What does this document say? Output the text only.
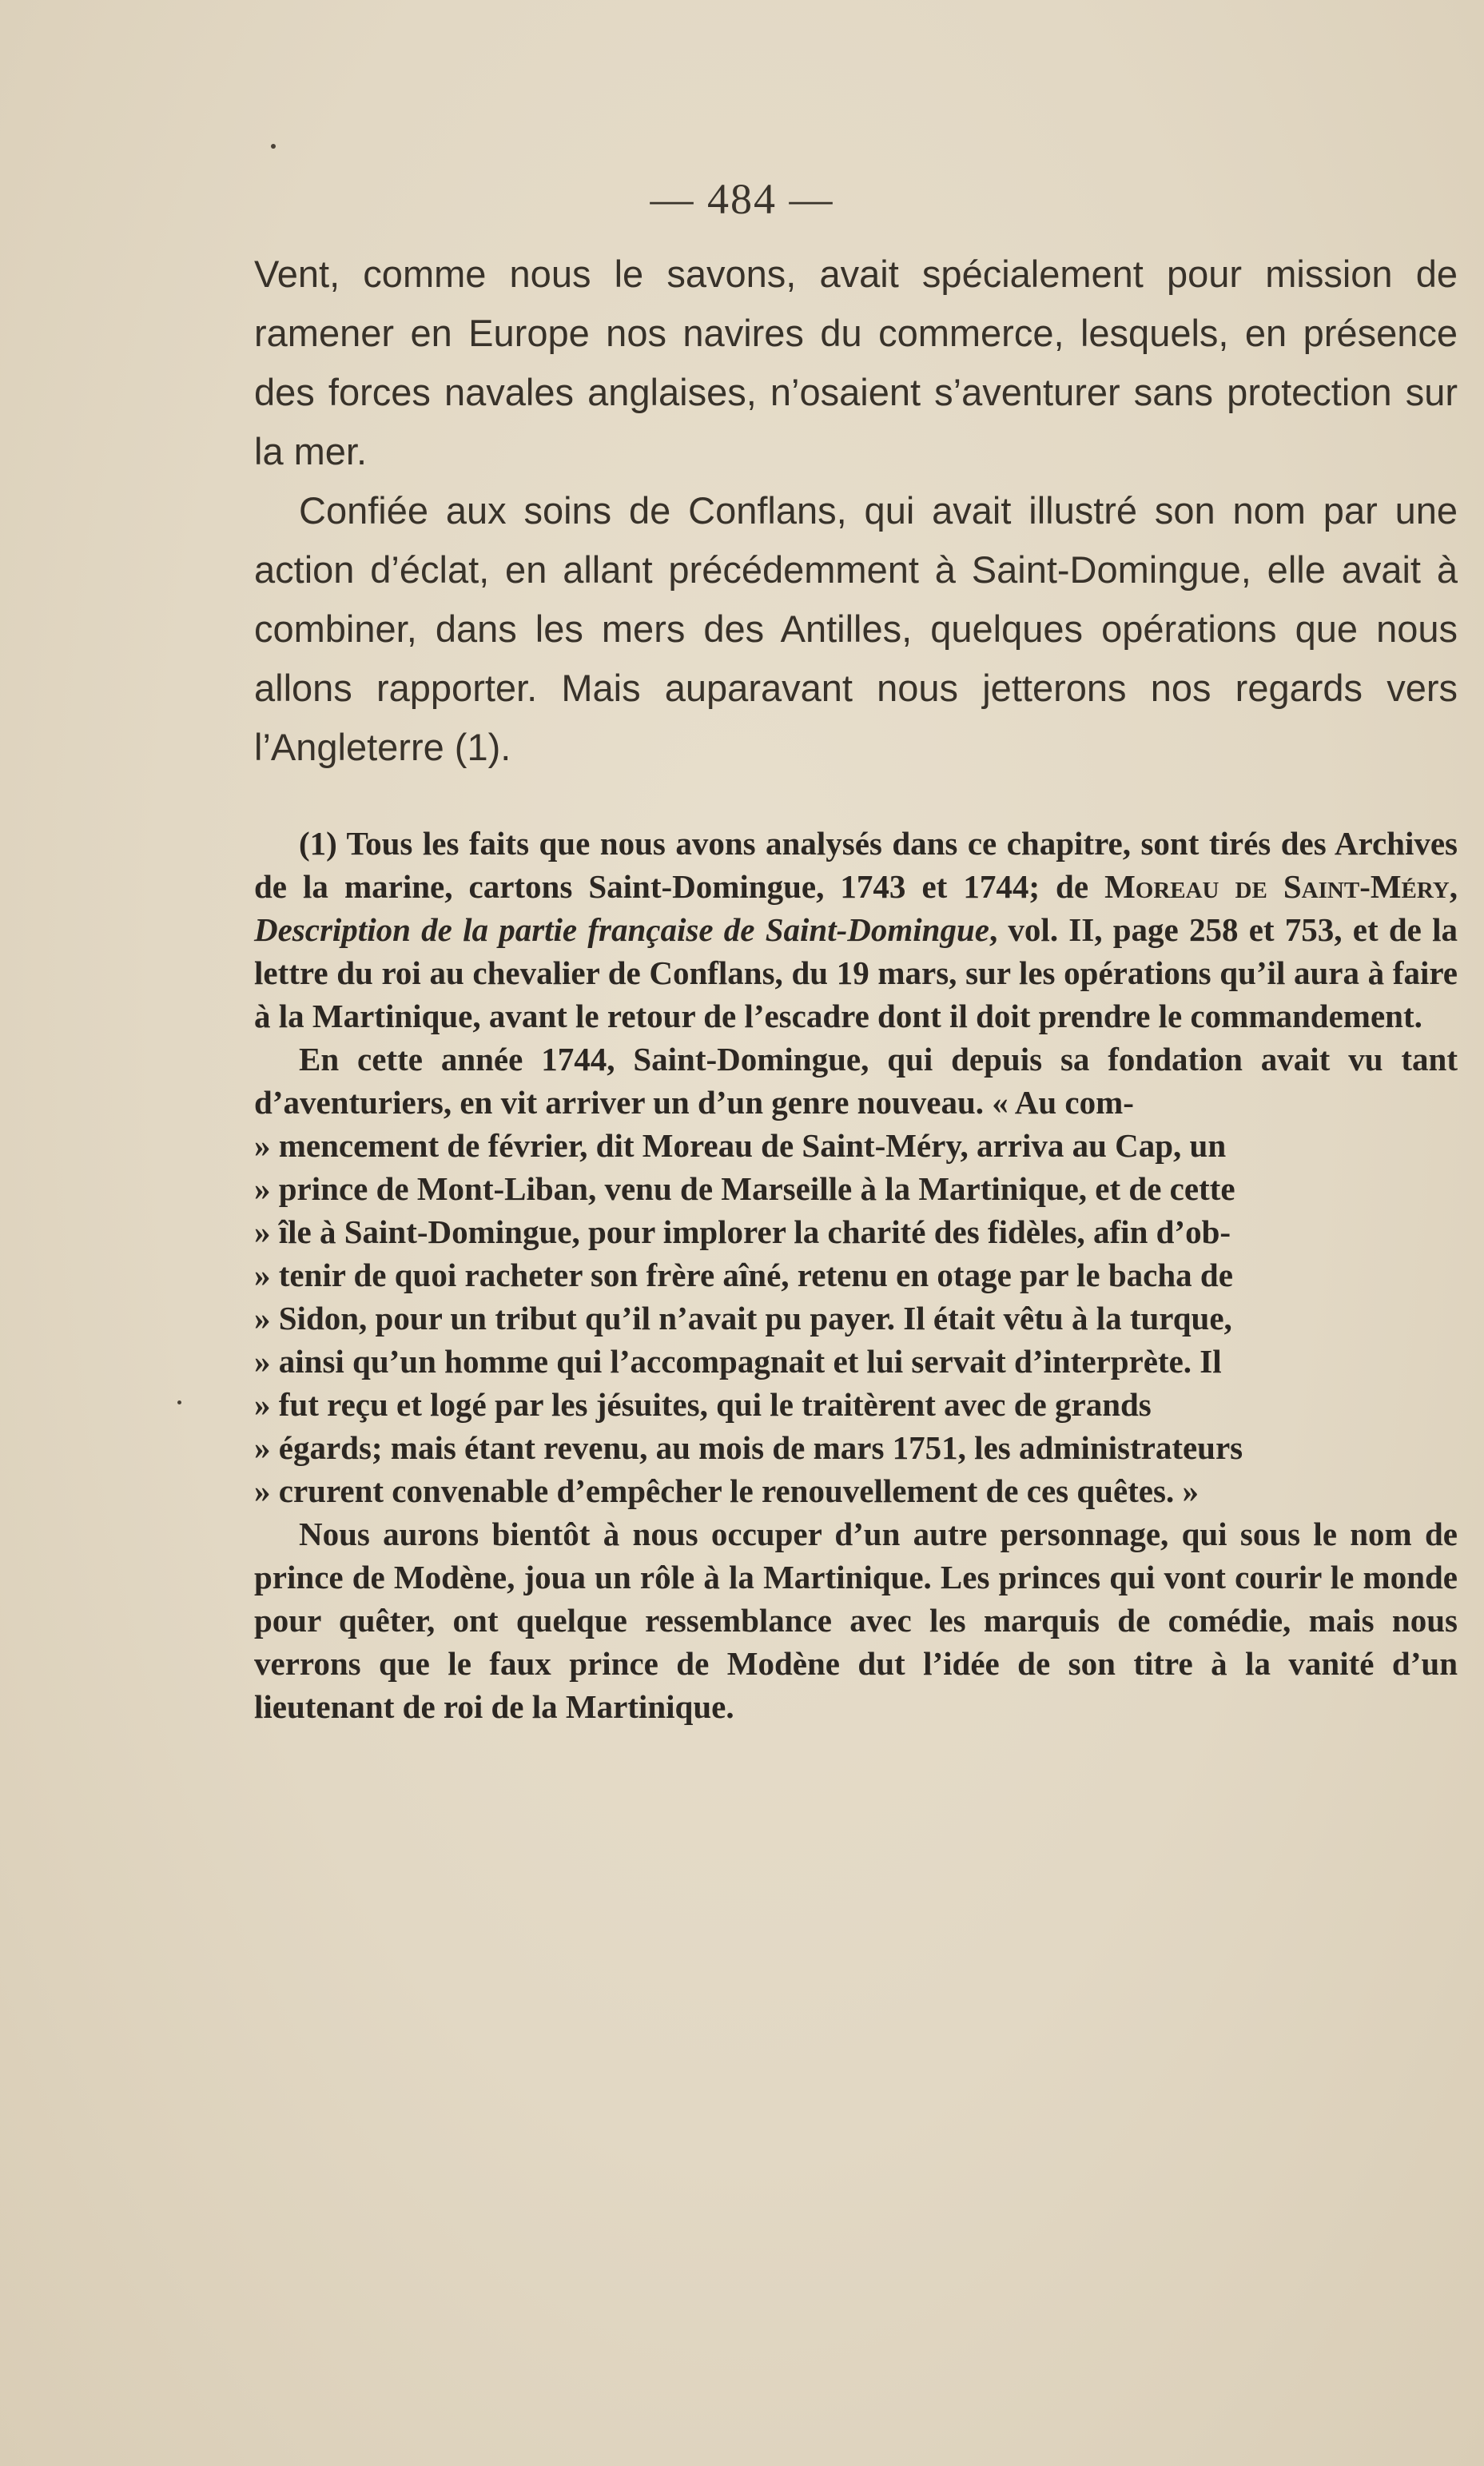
— 484 —

Vent, comme nous le savons, avait spécialement pour mission de ramener en Europe nos navires du commerce, lesquels, en présence des forces navales anglaises, n’osaient s’aventurer sans protection sur la mer.

Confiée aux soins de Conflans, qui avait illustré son nom par une action d’éclat, en allant précédemment à Saint-Domingue, elle avait à combiner, dans les mers des Antilles, quelques opérations que nous allons rapporter. Mais auparavant nous jetterons nos regards vers l’Angleterre (1).

(1) Tous les faits que nous avons analysés dans ce chapitre, sont tirés des Archives de la marine, cartons Saint-Domingue, 1743 et 1744; de Moreau de Saint-Méry, Description de la partie française de Saint-Domingue, vol. II, page 258 et 753, et de la lettre du roi au chevalier de Conflans, du 19 mars, sur les opérations qu’il aura à faire à la Martinique, avant le retour de l’escadre dont il doit prendre le commandement.

En cette année 1744, Saint-Domingue, qui depuis sa fondation avait vu tant d’aventuriers, en vit arriver un d’un genre nouveau. « Au com-

» mencement de février, dit Moreau de Saint-Méry, arriva au Cap, un
» prince de Mont-Liban, venu de Marseille à la Martinique, et de cette
» île à Saint-Domingue, pour implorer la charité des fidèles, afin d’ob-
» tenir de quoi racheter son frère aîné, retenu en otage par le bacha de
» Sidon, pour un tribut qu’il n’avait pu payer. Il était vêtu à la turque,
» ainsi qu’un homme qui l’accompagnait et lui servait d’interprète. Il
» fut reçu et logé par les jésuites, qui le traitèrent avec de grands
» égards; mais étant revenu, au mois de mars 1751, les administrateurs
» crurent convenable d’empêcher le renouvellement de ces quêtes. »

Nous aurons bientôt à nous occuper d’un autre personnage, qui sous le nom de prince de Modène, joua un rôle à la Martinique. Les princes qui vont courir le monde pour quêter, ont quelque ressemblance avec les marquis de comédie, mais nous verrons que le faux prince de Modène dut l’idée de son titre à la vanité d’un lieutenant de roi de la Martinique.
